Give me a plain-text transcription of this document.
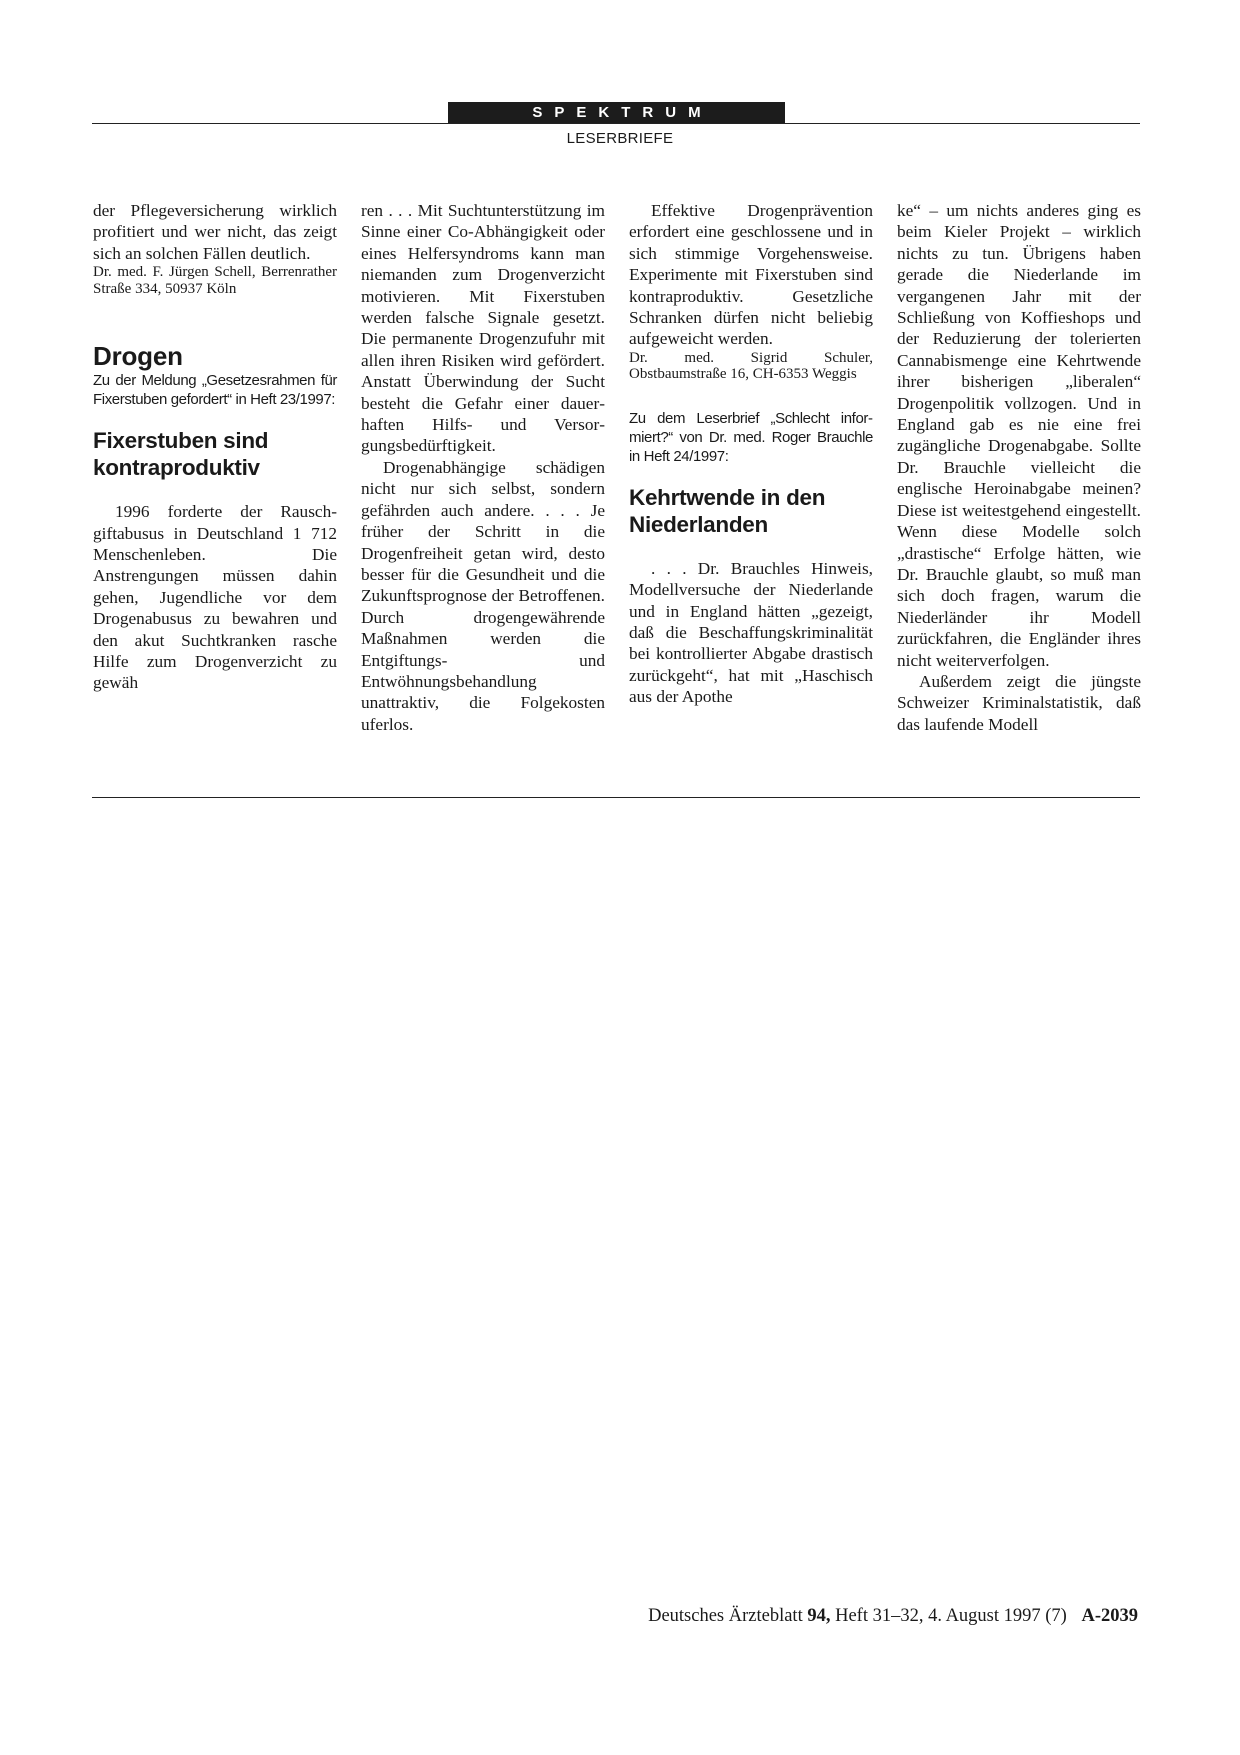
SPEKTRUM
LESERBRIEFE

der Pflegeversicherung wirklich profitiert und wer nicht, das zeigt sich an solchen Fällen deutlich.

Dr. med. F. Jürgen Schell, Berrenrather Straße 334, 50937 Köln

Drogen

Zu der Meldung „Gesetzesrahmen für Fixerstuben gefordert“ in Heft 23/1997:

Fixerstuben sind kontraproduktiv

1996 forderte der Rauschgiftabusus in Deutschland 1 712 Menschenleben. Die Anstrengungen müssen dahin gehen, Jugendliche vor dem Drogenabusus zu bewahren und den akut Suchtkranken rasche Hilfe zum Drogenverzicht zu gewäh

ren . . . Mit Suchtunterstützung im Sinne einer Co-Abhängigkeit oder eines Helfersyndroms kann man niemanden zum Drogenverzicht motivieren. Mit Fixerstuben werden falsche Signale gesetzt. Die permanente Drogenzufuhr mit allen ihren Risiken wird gefördert. Anstatt Überwindung der Sucht besteht die Gefahr einer dauerhaften Hilfs- und Versorgungsbedürftigkeit.

Drogenabhängige schädigen nicht nur sich selbst, sondern gefährden auch andere. . . . Je früher der Schritt in die Drogenfreiheit getan wird, desto besser für die Gesundheit und die Zukunftsprognose der Betroffenen. Durch drogengewährende Maßnahmen werden die Entgiftungs- und Entwöhnungsbehandlung unattraktiv, die Folgekosten uferlos.

Effektive Drogenprävention erfordert eine geschlossene und in sich stimmige Vorgehensweise. Experimente mit Fixerstuben sind kontraproduktiv. Gesetzliche Schranken dürfen nicht beliebig aufgeweicht werden.

Dr. med. Sigrid Schuler, Obstbaumstraße 16, CH-6353 Weggis

Zu dem Leserbrief „Schlecht informiert?“ von Dr. med. Roger Brauchle in Heft 24/1997:

Kehrtwende in den Niederlanden

. . . Dr. Brauchles Hinweis, Modellversuche der Niederlande und in England hätten „gezeigt, daß die Beschaffungskriminalität bei kontrollierter Abgabe drastisch zurückgeht“, hat mit „Haschisch aus der Apothe

ke“ – um nichts anderes ging es beim Kieler Projekt – wirklich nichts zu tun. Übrigens haben gerade die Niederlande im vergangenen Jahr mit der Schließung von Koffieshops und der Reduzierung der tolerierten Cannabismenge eine Kehrtwende ihrer bisherigen „liberalen“ Drogenpolitik vollzogen. Und in England gab es nie eine frei zugängliche Drogenabgabe. Sollte Dr. Brauchle vielleicht die englische Heroinabgabe meinen? Diese ist weitestgehend eingestellt. Wenn diese Modelle solch „drastische“ Erfolge hätten, wie Dr. Brauchle glaubt, so muß man sich doch fragen, warum die Niederländer ihr Modell zurückfahren, die Engländer ihres nicht weiterverfolgen.

Außerdem zeigt die jüngste Schweizer Kriminalstatistik, daß das laufende Modell

Deutsches Ärzteblatt 94, Heft 31–32, 4. August 1997 (7) A-2039
